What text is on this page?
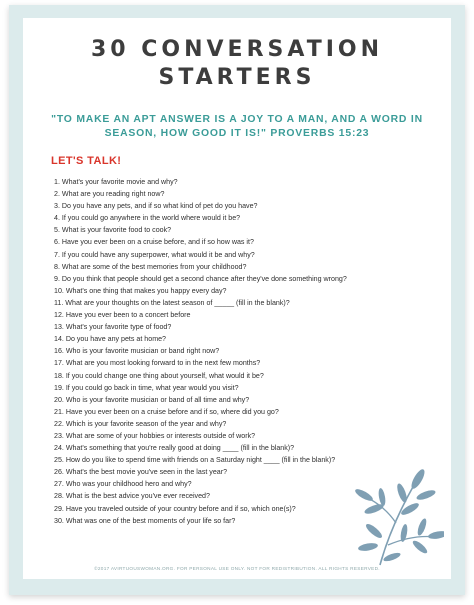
30 CONVERSATION
STARTERS
"TO MAKE AN APT ANSWER IS A JOY TO A MAN, AND A WORD IN
SEASON, HOW GOOD IT IS!" PROVERBS 15:23
LET'S TALK!
1. What's your favorite movie and why?
2. What are you reading right now?
3. Do you have any pets, and if so what kind of pet do you have?
4. If you could go anywhere in the world where would it be?
5. What is your favorite food to cook?
6. Have you ever been on a cruise before, and if so how was it?
7. If you could have any superpower, what would it be and why?
8. What are some of the best memories from your childhood?
9. Do you think that people should get a second chance after they've done something wrong?
10. What's one thing that makes you happy every day?
11. What are your thoughts on the latest season of _____ (fill in the blank)?
12. Have you ever been to a concert before
13. What's your favorite type of food?
14. Do you have any pets at home?
16. Who is your favorite musician or band right now?
17. What are you most looking forward to in the next few months?
18. If you could change one thing about yourself, what would it be?
19. If you could go back in time, what year would you visit?
20. Who is your favorite musician or band of all time and why?
21. Have you ever been on a cruise before and if so, where did you go?
22. Which is your favorite season of the year and why?
23. What are some of your hobbies or interests outside of work?
24. What's something that you're really good at doing ____ (fill in the blank)?
25. How do you like to spend time with friends on a Saturday night ____ (fill in the blank)?
26. What's the best movie you've seen in the last year?
27. Who was your childhood hero and why?
28. What is the best advice you've ever received?
29. Have you traveled outside of your country before and if so, which one(s)?
30. What was one of the best moments of your life so far?
©2017 AVIRTUOUSWOMAN.ORG. FOR PERSONAL USE ONLY. NOT FOR REDISTRIBUTION. ALL RIGHTS RESERVED.
